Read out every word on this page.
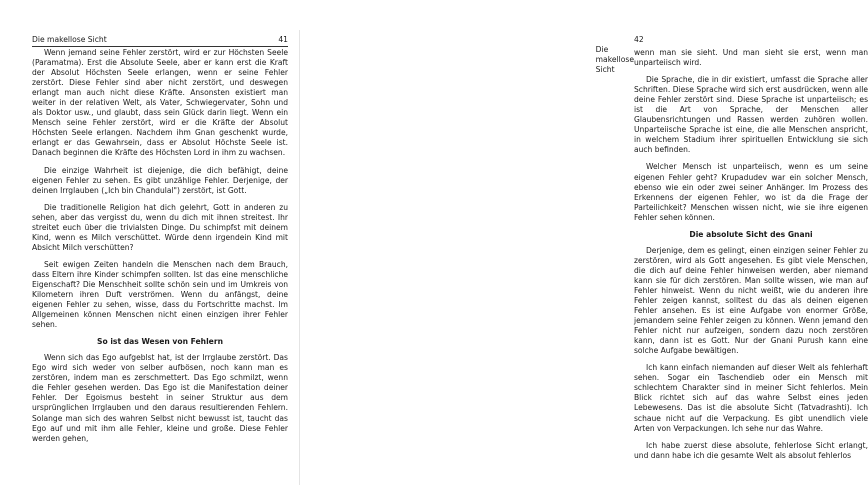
Die makellose Sicht	41

Wenn jemand seine Fehler zerstört, wird er zur Höchsten Seele (Paramatma). Erst die Absolute Seele, aber er kann erst die Kraft der Absolut Höchsten Seele erlangen, wenn er seine Fehler zerstört. Diese Fehler sind aber nicht zerstört, und deswegen erlangt man auch nicht diese Kräfte. Ansonsten existiert man weiter in der relativen Welt, als Vater, Schwiegervater, Sohn und als Doktor usw., und glaubt, dass sein Glück darin liegt. Wenn ein Mensch seine Fehler zerstört, wird er die Kräfte der Absolut Höchsten Seele erlangen. Nachdem ihm Gnan geschenkt wurde, erlangt er das Gewahrsein, dass er Absolut Höchste Seele ist. Danach beginnen die Kräfte des Höchsten Lord in ihm zu wachsen.

Die einzige Wahrheit ist diejenige, die dich befähigt, deine eigenen Fehler zu sehen. Es gibt unzählige Fehler. Derjenige, der deinen Irrglauben („Ich bin Chandulal") zerstört, ist Gott.

Die traditionelle Religion hat dich gelehrt, Gott in anderen zu sehen, aber das vergisst du, wenn du dich mit ihnen streitest. Ihr streitet euch über die trivialsten Dinge. Du schimpfst mit deinem Kind, wenn es Milch verschüttet. Würde denn irgendein Kind mit Absicht Milch verschütten?

Seit ewigen Zeiten handeln die Menschen nach dem Brauch, dass Eltern ihre Kinder schimpfen sollten. Ist das eine menschliche Eigenschaft? Die Menschheit sollte schön sein und im Umkreis von Kilometern ihren Duft verströmen. Wenn du anfängst, deine eigenen Fehler zu sehen, wisse, dass du Fortschritte machst. Im Allgemeinen können Menschen nicht einen einzigen ihrer Fehler sehen.

So ist das Wesen von Fehlern

Wenn sich das Ego aufgeblst hat, ist der Irrglaube zerstört. Das Ego wird sich weder von selber aufbösen, noch kann man es zerstören, indem man es zerschmettert. Das Ego schmilzt, wenn die Fehler gesehen werden. Das Ego ist die Manifestation deiner Fehler. Der Egoismus besteht in seiner Struktur aus dem ursprünglichen Irrglauben und den daraus resultierenden Fehlern. Solange man sich des wahren Selbst nicht bewusst ist, taucht das Ego auf und mit ihm alle Fehler, kleine und große. Diese Fehler werden gehen,

42
Die makellose Sicht

wenn man sie sieht. Und man sieht sie erst, wenn man unparteiisch wird.

Die Sprache, die in dir existiert, umfasst die Sprache aller Schriften. Diese Sprache wird sich erst ausdrücken, wenn alle deine Fehler zerstört sind. Diese Sprache ist unparteiisch; es ist die Art von Sprache, der Menschen aller Glaubensrichtungen und Rassen werden zuhören wollen. Unparteiische Sprache ist eine, die alle Menschen anspricht, in welchem Stadium ihrer spirituellen Entwicklung sie sich auch befinden.

Welcher Mensch ist unparteiisch, wenn es um seine eigenen Fehler geht? Krupadudev war ein solcher Mensch, ebenso wie ein oder zwei seiner Anhänger. Im Prozess des Erkennens der eigenen Fehler, wo ist da die Frage der Parteilichkeit? Menschen wissen nicht, wie sie ihre eigenen Fehler sehen können.

Die absolute Sicht des Gnani

Derjenige, dem es gelingt, einen einzigen seiner Fehler zu zerstören, wird als Gott angesehen. Es gibt viele Menschen, die dich auf deine Fehler hinweisen werden, aber niemand kann sie für dich zerstören. Man sollte wissen, wie man auf Fehler hinweist. Wenn du nicht weißt, wie du anderen ihre Fehler zeigen kannst, solltest du das als deinen eigenen Fehler ansehen. Es ist eine Aufgabe von enormer Größe, jemandem seine Fehler zeigen zu können. Wenn jemand den Fehler nicht nur aufzeigen, sondern dazu noch zerstören kann, dann ist es Gott. Nur der Gnani Purush kann eine solche Aufgabe bewältigen.

Ich kann einfach niemanden auf dieser Welt als fehlerhaft sehen. Sogar ein Taschendieb oder ein Mensch mit schlechtem Charakter sind in meiner Sicht fehlerlos. Mein Blick richtet sich auf das wahre Selbst eines jeden Lebewesens. Das ist die absolute Sicht (Tatvadrashti). Ich schaue nicht auf die Verpackung. Es gibt unendlich viele Arten von Verpackungen. Ich sehe nur das Wahre.

Ich habe zuerst diese absolute, fehlerlose Sicht erlangt, und dann habe ich die gesamte Welt als absolut fehlerlos
